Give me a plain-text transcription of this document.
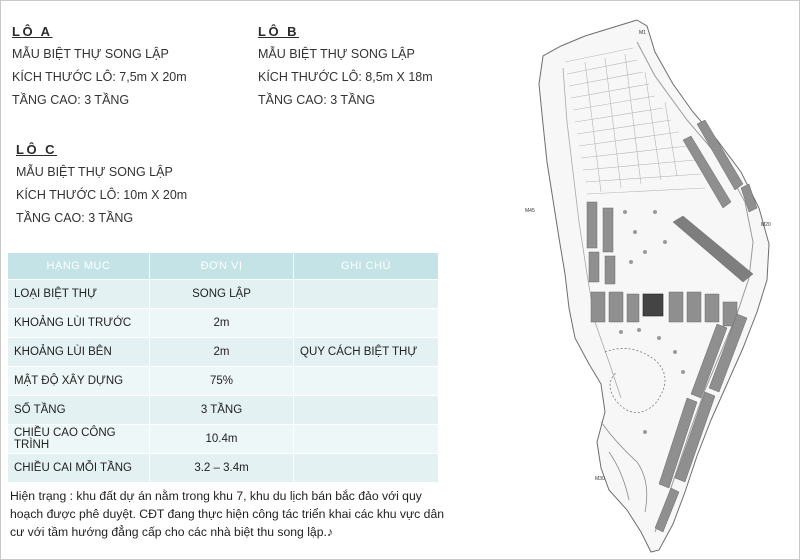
LÔ A
MẪU BIỆT THỰ SONG LẬP
KÍCH THƯỚC LÔ: 7,5m X 20m
TẦNG CAO: 3 TẦNG
LÔ B
MẪU BIỆT THỰ SONG LẬP
KÍCH THƯỚC LÔ: 8,5m X 18m
TẦNG CAO: 3 TẦNG
LÔ C
MẪU BIỆT THỰ SONG LẬP
KÍCH THƯỚC LÔ: 10m X 20m
TẦNG CAO: 3 TẦNG
HẠNG MỤC	ĐƠN VỊ	GHI CHÚ
LOẠI BIỆT THỰ	SONG LẬP	
KHOẢNG LÙI TRƯỚC	2m	
KHOẢNG LÙI BÊN	2m	QUY CÁCH BIỆT THỰ
MẬT ĐỘ XÂY DỰNG	75%	
SỐ TẦNG	3 TẦNG	
CHIỀU CAO CÔNG TRÌNH	10.4m	
CHIỀU CAI MỖI TẦNG	3.2 – 3.4m	
Hiện trạng : khu đất dự án nằm trong khu 7, khu du lịch bán bắc đảo với quy hoạch được phê duyệt. CĐT đang thực hiện công tác triển khai các khu vực dân cư với tầm hướng đẳng cấp cho các nhà biệt thu song lập.♪
M1
M20
M45
M30
